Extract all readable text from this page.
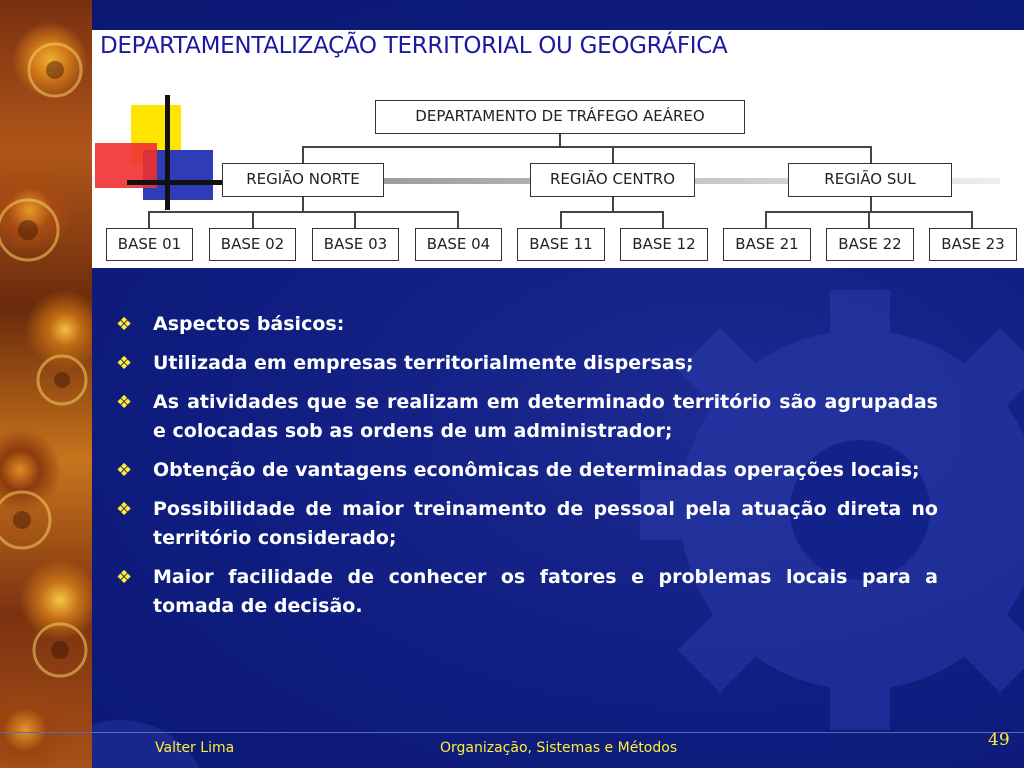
DEPARTAMENTALIZAÇÃO TERRITORIAL OU GEOGRÁFICA
DEPARTAMENTO DE TRÁFEGO AEÁREO
REGIÃO NORTE	REGIÃO CENTRO	REGIÃO SUL
BASE 01	BASE 02	BASE 03	BASE 04	BASE 11	BASE 12	BASE 21	BASE 22	BASE 23
❖ Aspectos básicos:
❖ Utilizada em empresas territorialmente dispersas;
❖ As atividades que se realizam em determinado território são agrupadas e colocadas sob as ordens de um administrador;
❖ Obtenção de vantagens econômicas de determinadas operações locais;
❖ Possibilidade de maior treinamento de pessoal pela atuação direta no território considerado;
❖ Maior facilidade de conhecer os fatores e problemas locais para a tomada de decisão.
Valter Lima	Organização, Sistemas e Métodos	49
